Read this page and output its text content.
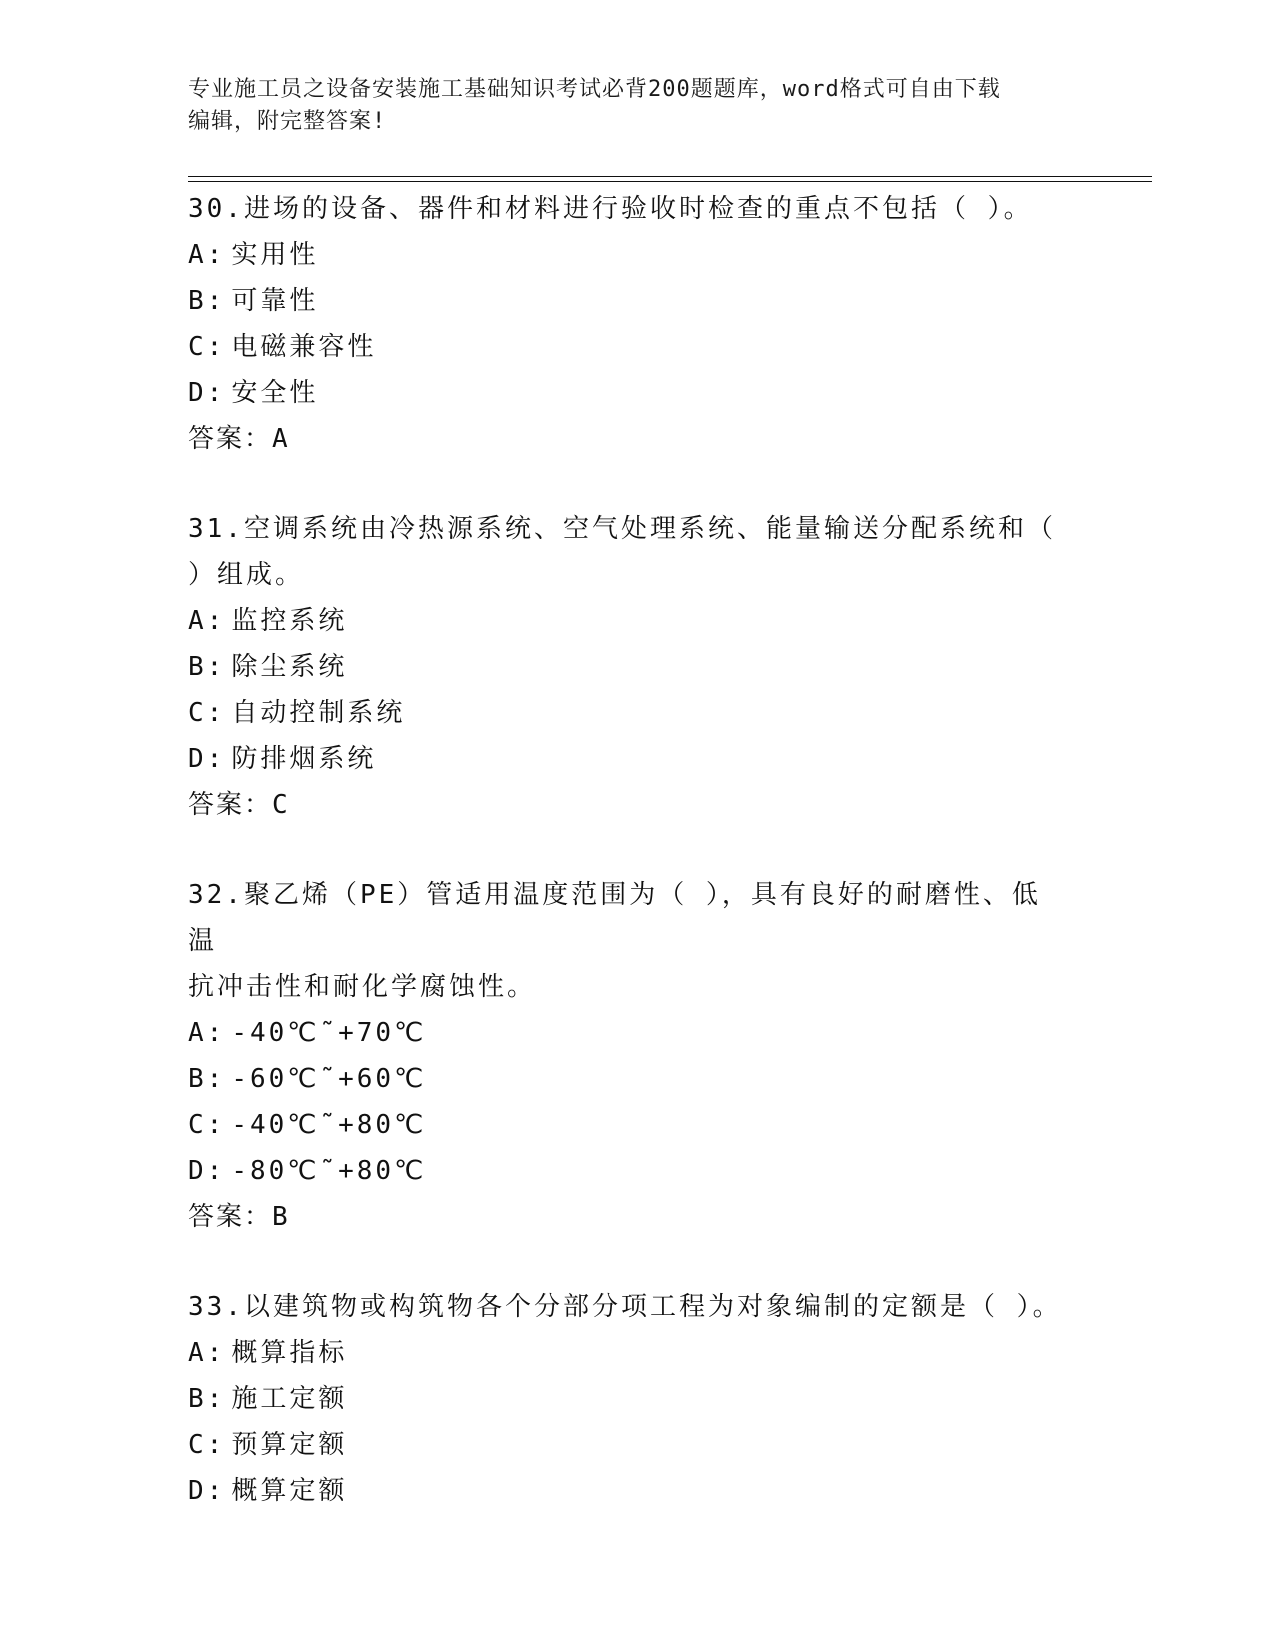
专业施工员之设备安装施工基础知识考试必背200题题库，word格式可自由下载
编辑，附完整答案!

30.进场的设备、器件和材料进行验收时检查的重点不包括（ ）。

A: 实用性
B: 可靠性
C: 电磁兼容性
D: 安全性

答案：A

31.空调系统由冷热源系统、空气处理系统、能量输送分配系统和（

）组成。

A: 监控系统
B: 除尘系统
C: 自动控制系统
D: 防排烟系统

答案：C

32.聚乙烯（PE）管适用温度范围为（ ），具有良好的耐磨性、低温

抗冲击性和耐化学腐蚀性。

A: -40℃˜+70℃
B: -60℃˜+60℃
C: -40℃˜+80℃
D: -80℃˜+80℃

答案：B

33.以建筑物或构筑物各个分部分项工程为对象编制的定额是（ ）。

A: 概算指标
B: 施工定额
C: 预算定额
D: 概算定额
